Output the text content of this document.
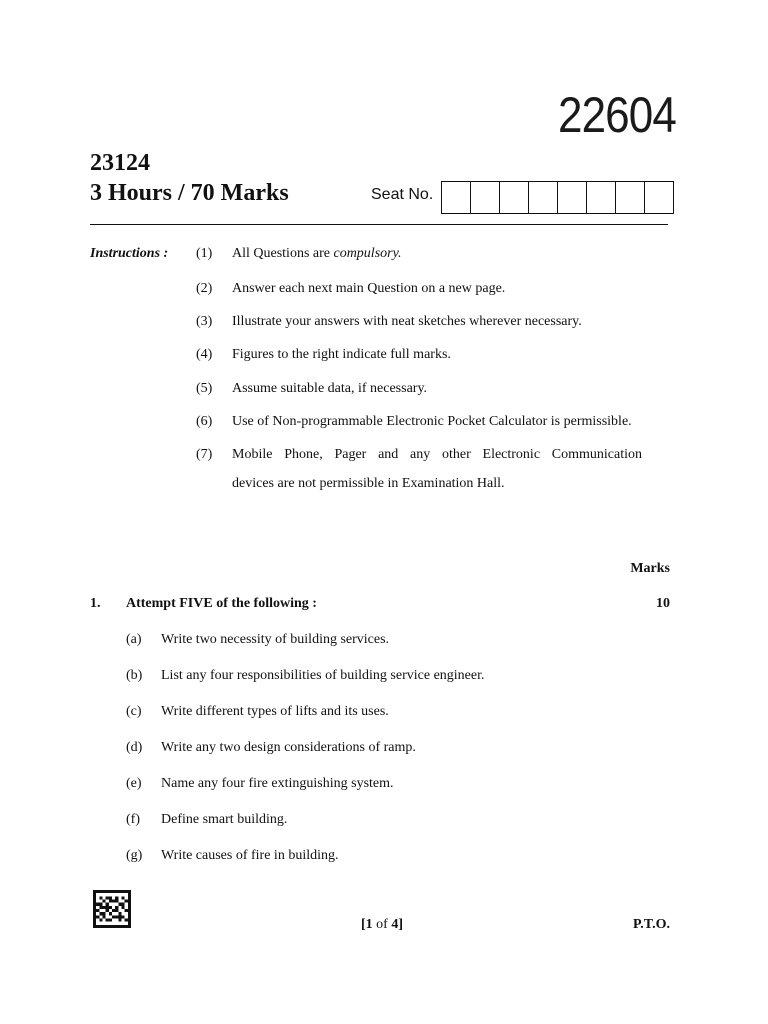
22604
23124
3 Hours / 70 Marks	Seat No.
Instructions : (1) All Questions are compulsory.
(2) Answer each next main Question on a new page.
(3) Illustrate your answers with neat sketches wherever necessary.
(4) Figures to the right indicate full marks.
(5) Assume suitable data, if necessary.
(6) Use of Non-programmable Electronic Pocket Calculator is permissible.
(7) Mobile Phone, Pager and any other Electronic Communication
devices are not permissible in Examination Hall.
Marks
1. Attempt FIVE of the following :	10
(a) Write two necessity of building services.
(b) List any four responsibilities of building service engineer.
(c) Write different types of lifts and its uses.
(d) Write any two design considerations of ramp.
(e) Name any four fire extinguishing system.
(f) Define smart building.
(g) Write causes of fire in building.
[1 of 4]	P.T.O.
